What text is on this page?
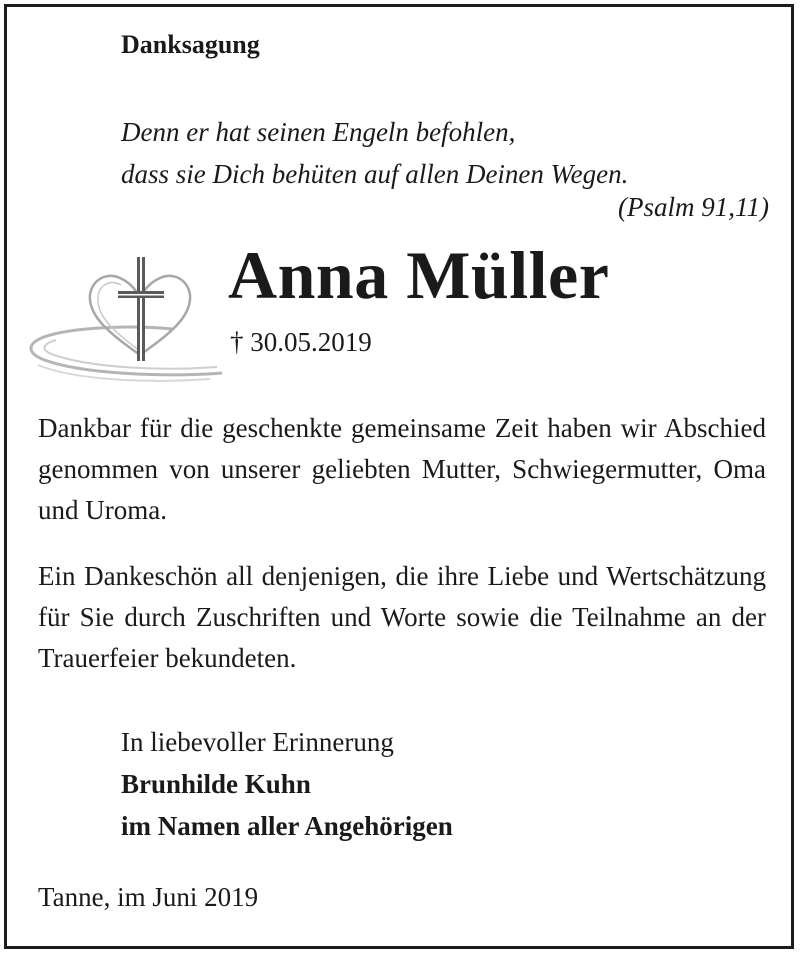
Danksagung

Denn er hat seinen Engeln befohlen,
dass sie Dich behüten auf allen Deinen Wegen.

(Psalm 91,11)
Anna Müller
† 30.05.2019

Dankbar für die geschenkte gemeinsame Zeit haben wir Abschied genommen von unserer geliebten Mutter, Schwiegermutter, Oma und Uroma.

Ein Dankeschön all denjenigen, die ihre Liebe und Wertschätzung für Sie durch Zuschriften und Worte sowie die Teilnahme an der Trauerfeier bekundeten.

In liebevoller Erinnerung
Brunhilde Kuhn
im Namen aller Angehörigen
Tanne, im Juni 2019
